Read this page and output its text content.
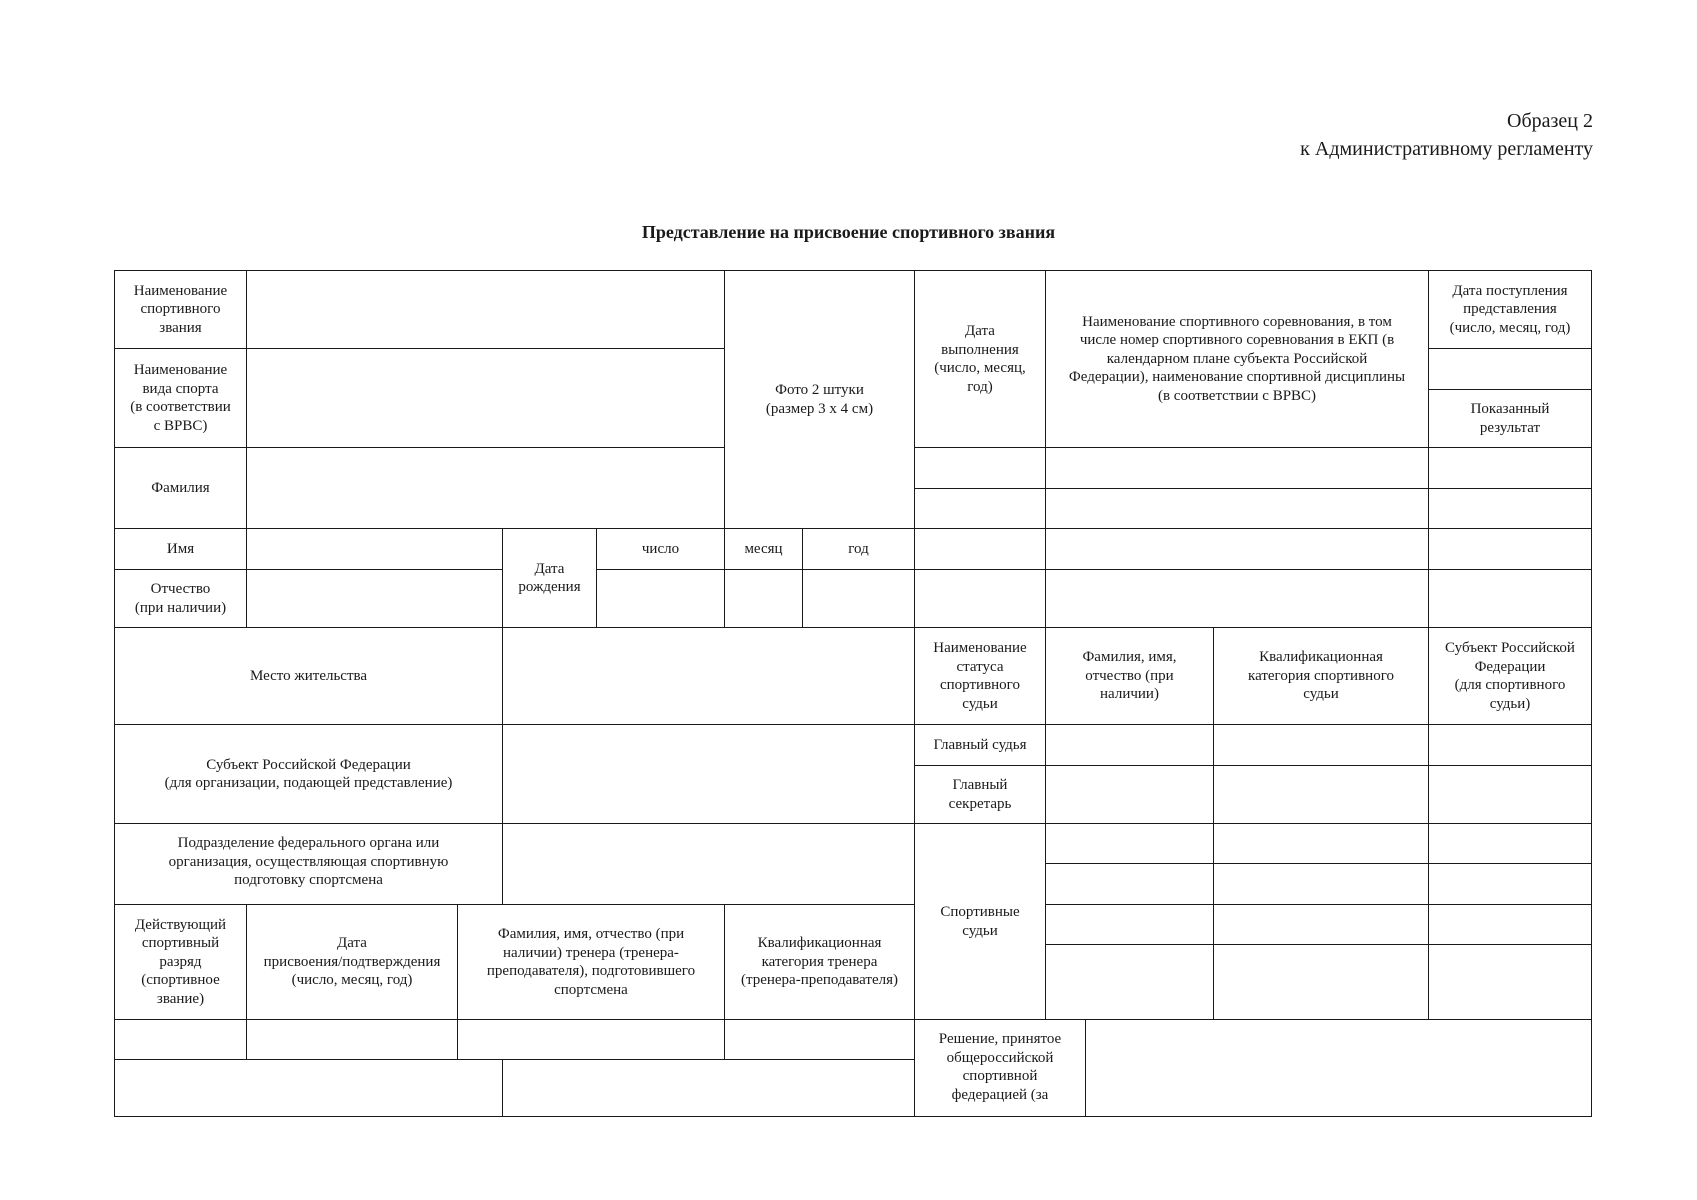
Образец 2
к Административному регламенту
Представление на присвоение спортивного звания
Наименование
спортивного
звания
Наименование
вида спорта
(в соответствии
с ВРВС)
Фамилия
Фото 2 штуки
(размер 3 х 4 см)
Имя
Дата
рождения
число	месяц	год
Отчество
(при наличии)
Место жительства
Субъект Российской Федерации
(для организации, подающей представление)
Подразделение федерального органа или
организация, осуществляющая спортивную
подготовку спортсмена
Действующий
спортивный
разряд
(спортивное
звание)
Дата
присвоения/подтверждения
(число, месяц, год)
Фамилия, имя, отчество (при
наличии) тренера (тренера-
преподавателя), подготовившего
спортсмена
Квалификационная
категория тренера
(тренера-преподавателя)
Дата
выполнения
(число, месяц,
год)
Наименование спортивного соревнования, в том
числе номер спортивного соревнования в ЕКП (в
календарном плане субъекта Российской
Федерации), наименование спортивной дисциплины
(в соответствии с ВРВС)
Дата поступления
представления
(число, месяц, год)
Показанный
результат
Наименование
статуса
спортивного
судьи
Фамилия, имя,
отчество (при
наличии)
Квалификационная
категория спортивного
судьи
Субъект Российской
Федерации
(для спортивного
судьи)
Главный судья
Главный
секретарь
Спортивные
судьи
Решение, принятое
общероссийской
спортивной
федерацией (за
